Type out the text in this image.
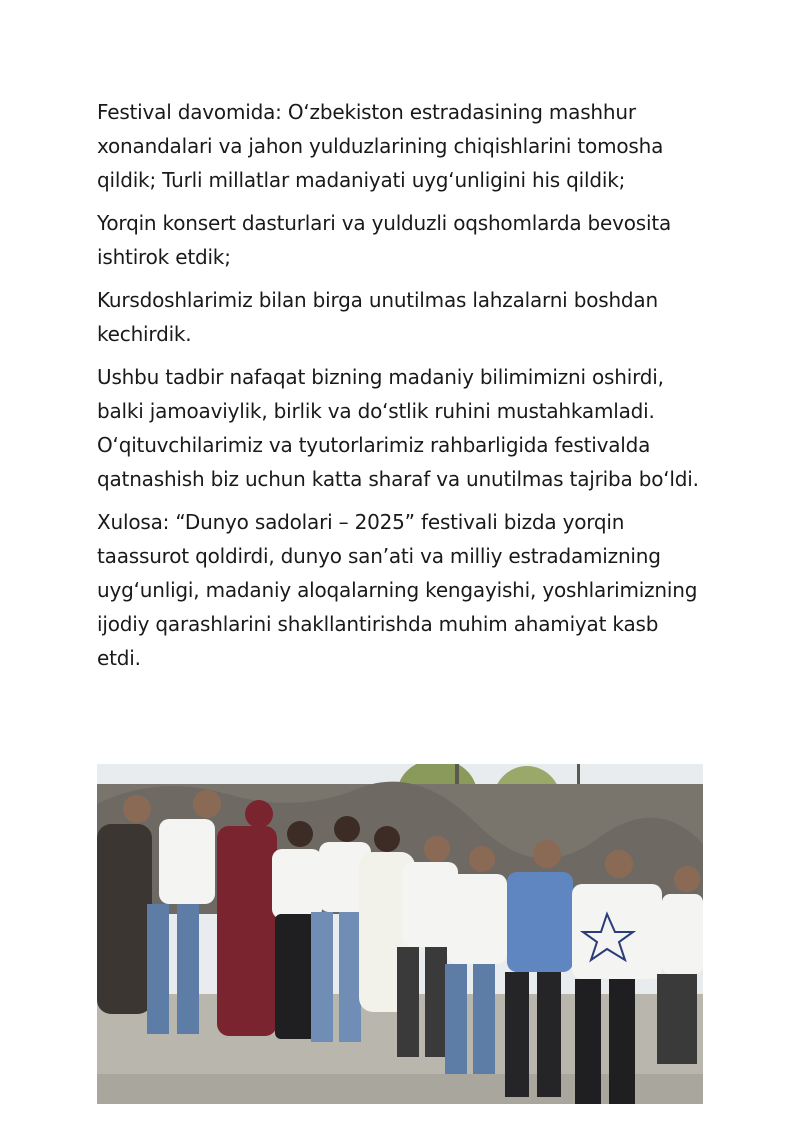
Festival davomida: O‘zbekiston estradasining mashhur xonandalari va jahon yulduzlarining chiqishlarini tomosha qildik; Turli millatlar madaniyati uyg‘unligini his qildik;

Yorqin konsert dasturlari va yulduzli oqshomlarda bevosita ishtirok etdik;

Kursdoshlarimiz bilan birga unutilmas lahzalarni boshdan kechirdik.

Ushbu tadbir nafaqat bizning madaniy bilimimizni oshirdi, balki jamoaviylik, birlik va do‘stlik ruhini mustahkamladi. O‘qituvchilarimiz va tyutorlarimiz rahbarligida festivalda qatnashish biz uchun katta sharaf va unutilmas tajriba bo‘ldi.

Xulosa: “Dunyo sadolari – 2025” festivali bizda yorqin taassurot qoldirdi, dunyo san’ati va milliy estradamizning uyg‘unligi, madaniy aloqalarning kengayishi, yoshlarimizning ijodiy qarashlarini shakllantirishda muhim ahamiyat kasb etdi.
